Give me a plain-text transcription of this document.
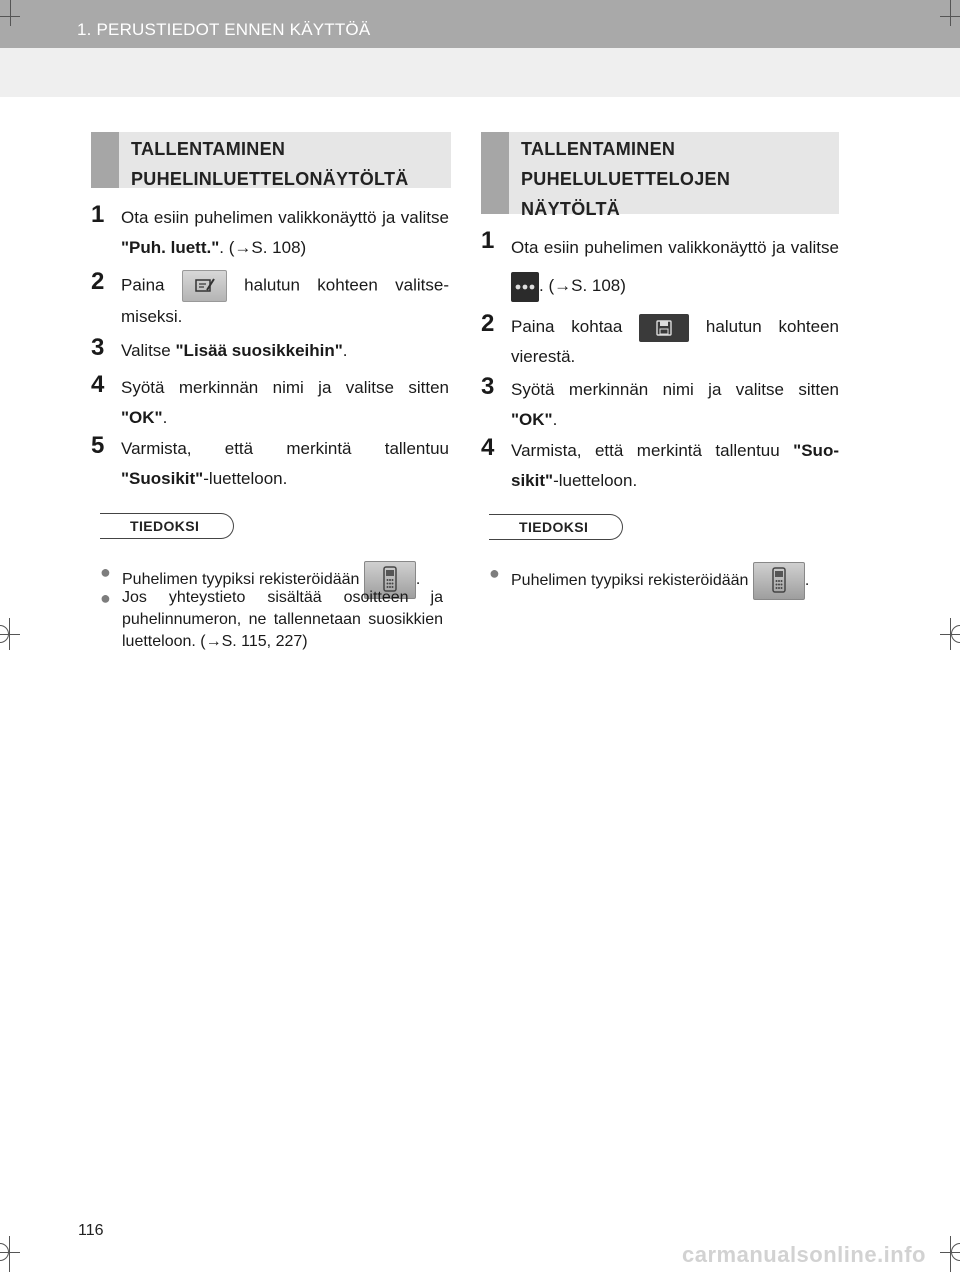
1. PERUSTIEDOT ENNEN KÄYTTÖÄ
TALLENTAMINEN
PUHELINLUETTELONÄYTÖLTÄ
1 Ota esiin puhelimen valikkonäyttö ja valitse "Puh. luett.". (→S. 108)
2 Paina	halutun kohteen valitsemiseksi.
3 Valitse "Lisää suosikkeihin".
4 Syötä merkinnän nimi ja valitse sitten "OK".
5 Varmista, että merkintä tallentuu "Suosikit"-luetteloon.
TIEDOKSI
● Puhelimen tyypiksi rekisteröidään	.
● Jos yhteystieto sisältää osoitteen ja puhelinnumeron, ne tallennetaan suosikkien luetteloon. (→S. 115, 227)
TALLENTAMINEN
PUHELULUETTELOJEN
NÄYTÖLTÄ
1 Ota esiin puhelimen valikkonäyttö ja valitse
. (→S. 108)
2 Paina kohtaa	halutun kohteen vierestä.
3 Syötä merkinnän nimi ja valitse sitten "OK".
4 Varmista, että merkintä tallentuu "Suosikit"-luetteloon.
TIEDOKSI
● Puhelimen tyypiksi rekisteröidään	.
116
carmanualsonline.info
